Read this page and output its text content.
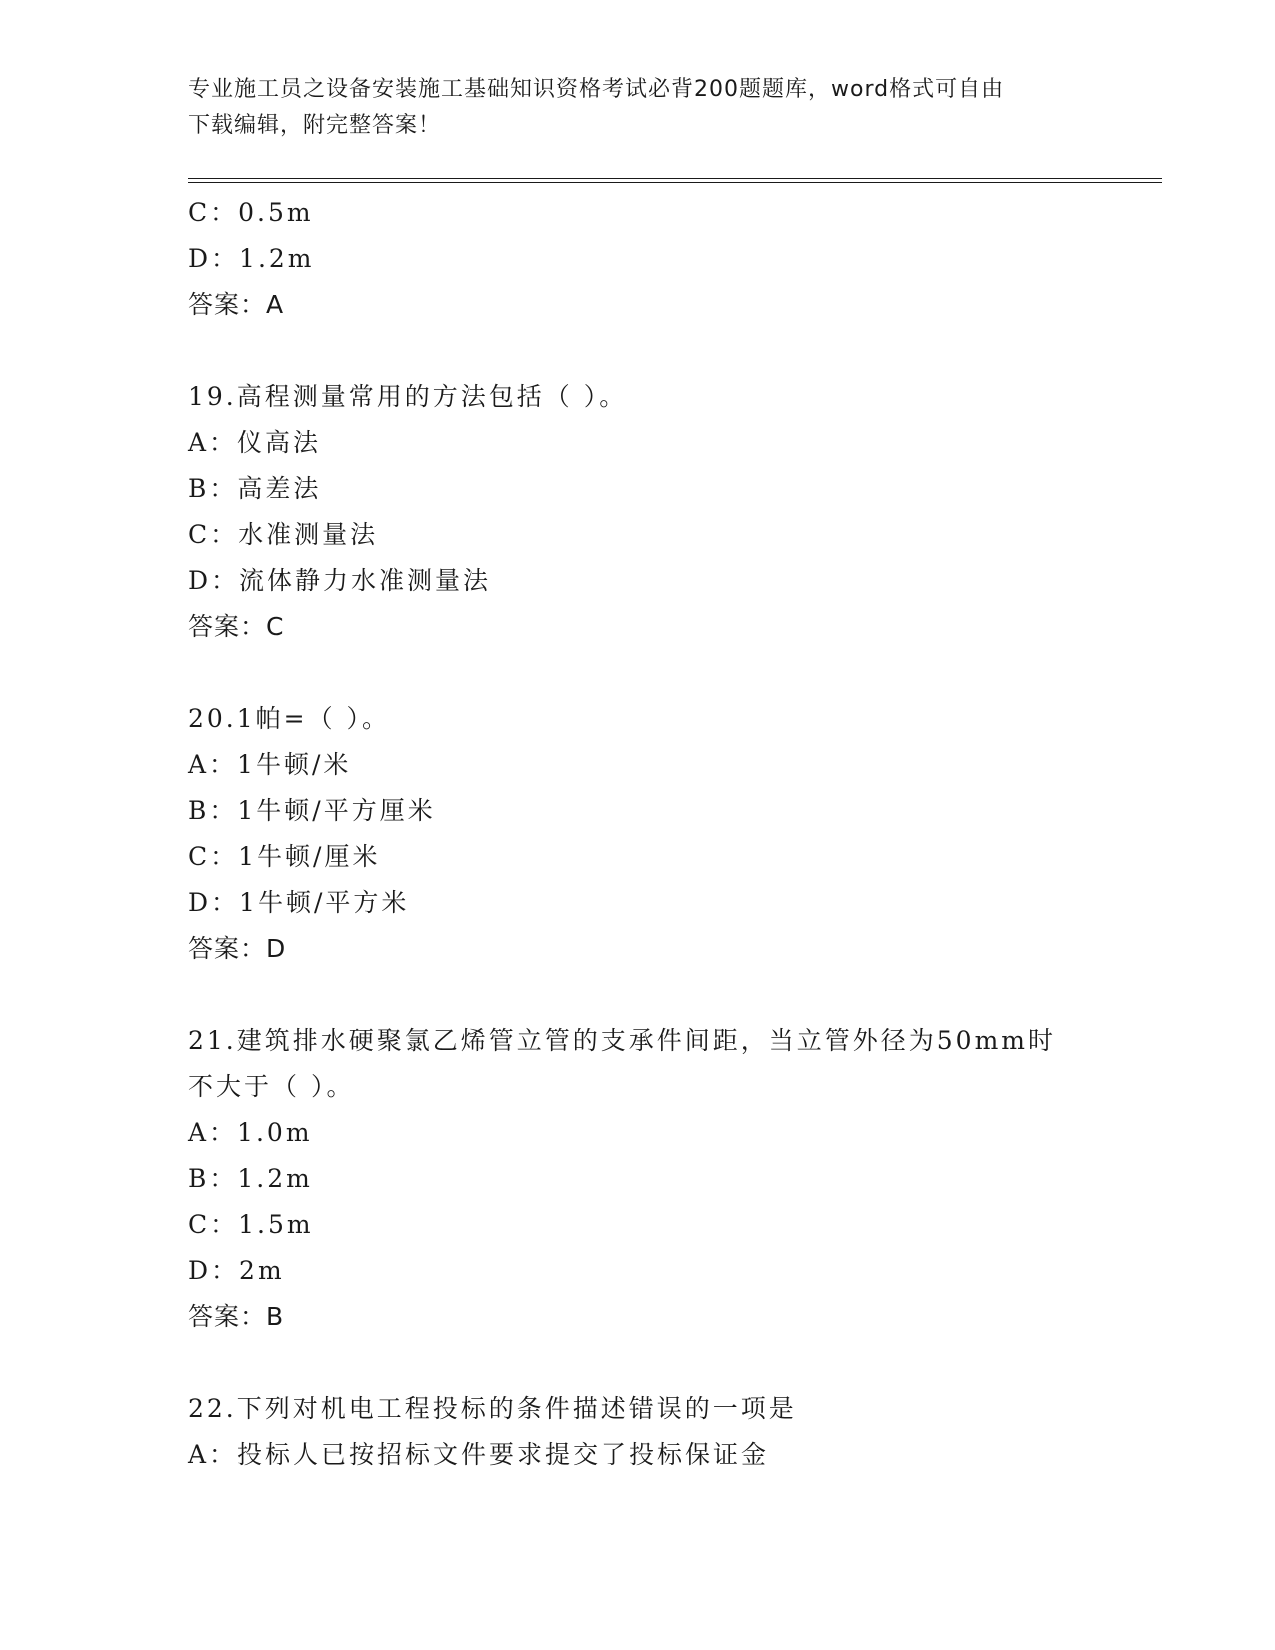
专业施工员之设备安装施工基础知识资格考试必背200题题库，word格式可自由
下载编辑，附完整答案！
C：0.5m
D：1.2m
答案：A
19.高程测量常用的方法包括（ ）。
A：仪高法
B：高差法
C：水准测量法
D：流体静力水准测量法
答案：C
20.1帕=（ ）。
A：1牛顿/米
B：1牛顿/平方厘米
C：1牛顿/厘米
D：1牛顿/平方米
答案：D
21.建筑排水硬聚氯乙烯管立管的支承件间距，当立管外径为50mm时
不大于（ ）。
A：1.0m
B：1.2m
C：1.5m
D：2m
答案：B
22.下列对机电工程投标的条件描述错误的一项是
A：投标人已按招标文件要求提交了投标保证金
